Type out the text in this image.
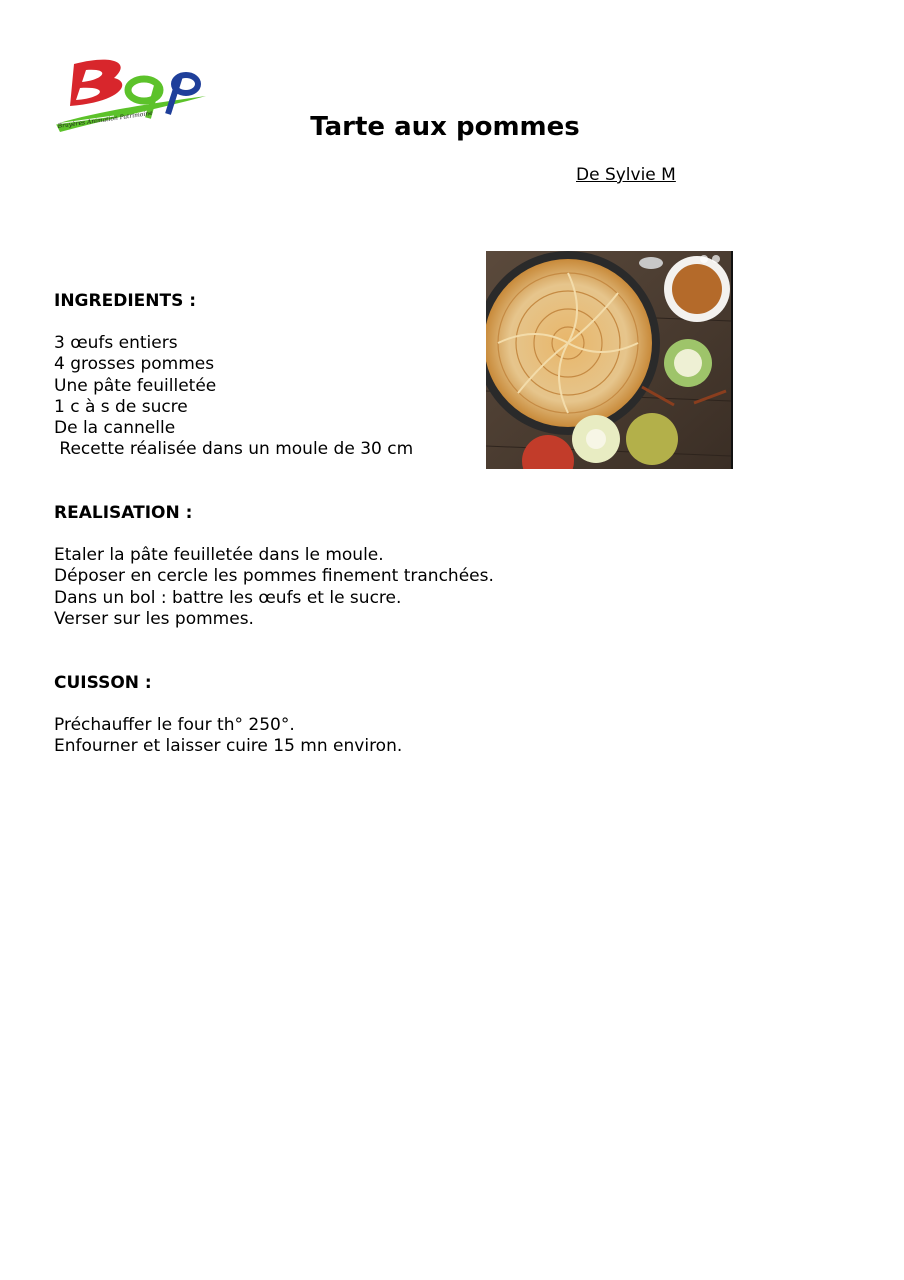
Bruyères Animation Patrimoine	Tarte aux pommes
De Sylvie M
INGREDIENTS :
3 œufs entiers
4 grosses pommes
Une pâte feuilletée
1 c à s de sucre
De la cannelle
Recette réalisée dans un moule de 30 cm
REALISATION :
Etaler la pâte feuilletée dans le moule.
Déposer en cercle les pommes finement tranchées.
Dans un bol : battre les œufs et le sucre.
Verser sur les pommes.
CUISSON :
Préchauffer le four th° 250°.
Enfourner et laisser cuire 15 mn environ.
